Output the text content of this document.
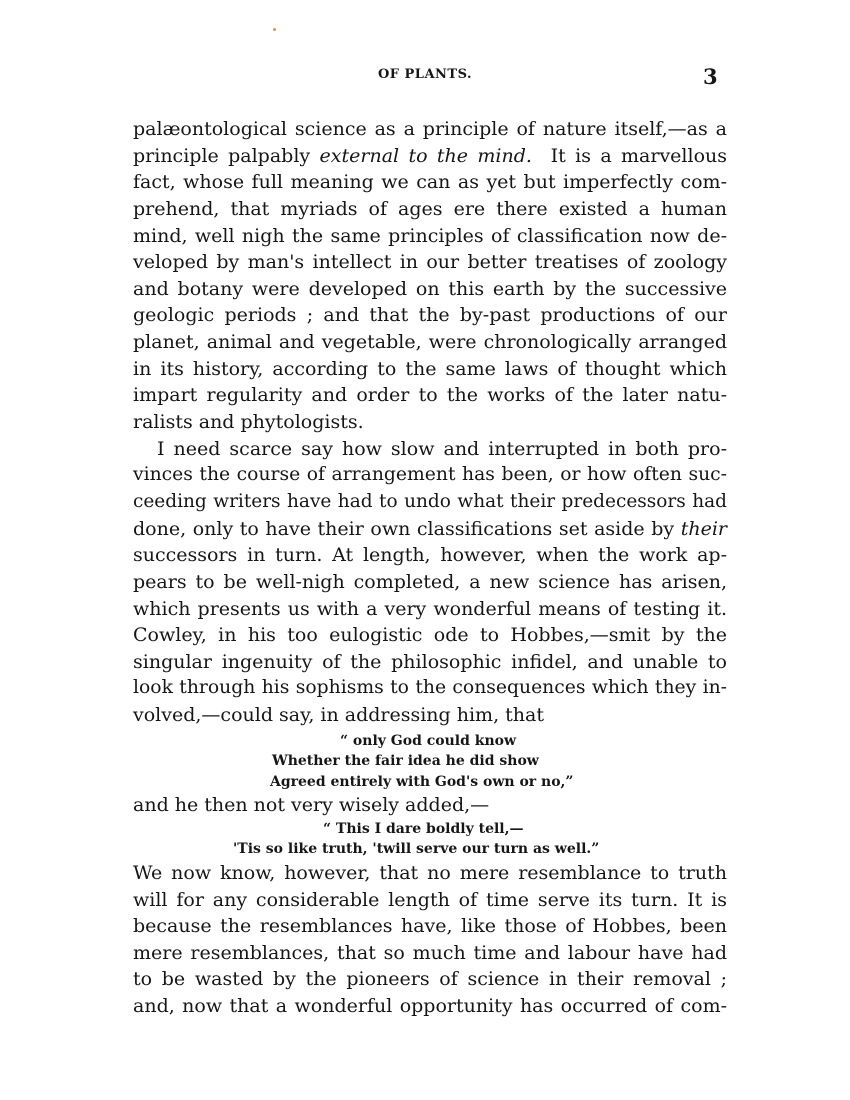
OF PLANTS.	3
palæontological science as a principle of nature itself,—as a
principle palpably external to the mind. It is a marvellous
fact, whose full meaning we can as yet but imperfectly com-
prehend, that myriads of ages ere there existed a human
mind, well nigh the same principles of classification now de-
veloped by man's intellect in our better treatises of zoology
and botany were developed on this earth by the successive
geologic periods ; and that the by-past productions of our
planet, animal and vegetable, were chronologically arranged
in its history, according to the same laws of thought which
impart regularity and order to the works of the later natu-
ralists and phytologists.
I need scarce say how slow and interrupted in both pro-
vinces the course of arrangement has been, or how often suc-
ceeding writers have had to undo what their predecessors had
done, only to have their own classifications set aside by their
successors in turn. At length, however, when the work ap-
pears to be well-nigh completed, a new science has arisen,
which presents us with a very wonderful means of testing it.
Cowley, in his too eulogistic ode to Hobbes,—smit by the
singular ingenuity of the philosophic infidel, and unable to
look through his sophisms to the consequences which they in-
volved,—could say, in addressing him, that
“ only God could know
Whether the fair idea he did show
Agreed entirely with God's own or no,”
and he then not very wisely added,—
“ This I dare boldly tell,—
'Tis so like truth, 'twill serve our turn as well.”
We now know, however, that no mere resemblance to truth
will for any considerable length of time serve its turn. It is
because the resemblances have, like those of Hobbes, been
mere resemblances, that so much time and labour have had
to be wasted by the pioneers of science in their removal ;
and, now that a wonderful opportunity has occurred of com-
